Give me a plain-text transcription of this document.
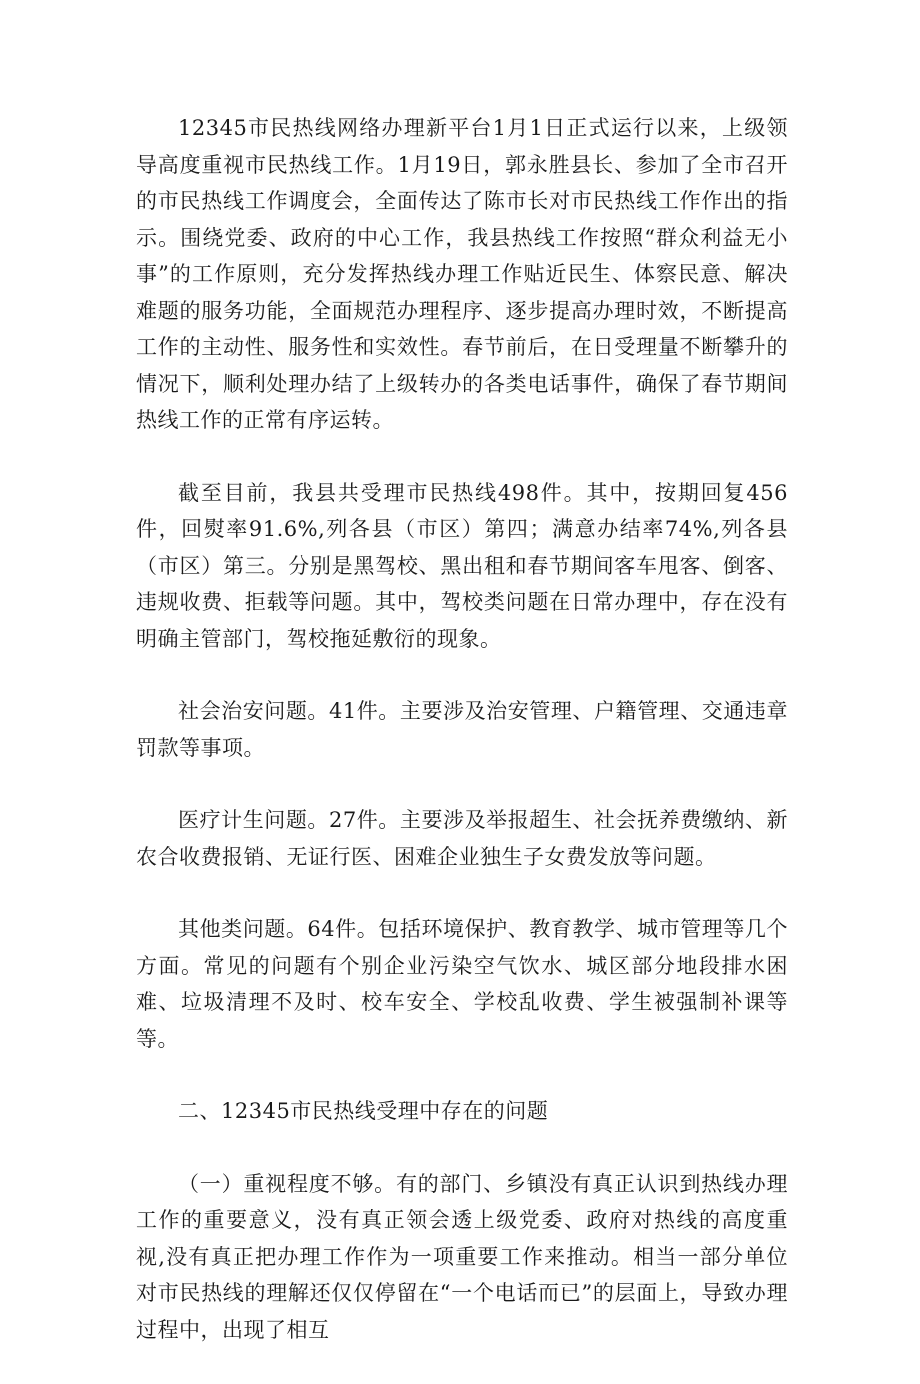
12345市民热线网络办理新平台1月1日正式运行以来，上级领导高度重视市民热线工作。1月19日，郭永胜县长、参加了全市召开的市民热线工作调度会，全面传达了陈市长对市民热线工作作出的指示。围绕党委、政府的中心工作，我县热线工作按照“群众利益无小事”的工作原则，充分发挥热线办理工作贴近民生、体察民意、解决难题的服务功能，全面规范办理程序、逐步提高办理时效，不断提高工作的主动性、服务性和实效性。春节前后，在日受理量不断攀升的情况下，顺利处理办结了上级转办的各类电话事件，确保了春节期间热线工作的正常有序运转。

截至目前，我县共受理市民热线498件。其中，按期回复456件，回熨率91.6%,列各县（市区）第四；满意办结率74%,列各县（市区）第三。分别是黑驾校、黑出租和春节期间客车甩客、倒客、违规收费、拒载等问题。其中，驾校类问题在日常办理中，存在没有明确主管部门，驾校拖延敷衍的现象。

社会治安问题。41件。主要涉及治安管理、户籍管理、交通违章罚款等事项。

医疗计生问题。27件。主要涉及举报超生、社会抚养费缴纳、新农合收费报销、无证行医、困难企业独生子女费发放等问题。

其他类问题。64件。包括环境保护、教育教学、城市管理等几个方面。常见的问题有个别企业污染空气饮水、城区部分地段排水困难、垃圾清理不及时、校车安全、学校乱收费、学生被强制补课等等。

二、12345市民热线受理中存在的问题

（一）重视程度不够。有的部门、乡镇没有真正认识到热线办理工作的重要意义，没有真正领会透上级党委、政府对热线的高度重视,没有真正把办理工作作为一项重要工作来推动。相当一部分单位对市民热线的理解还仅仅停留在“一个电话而已”的层面上，导致办理过程中，出现了相互
